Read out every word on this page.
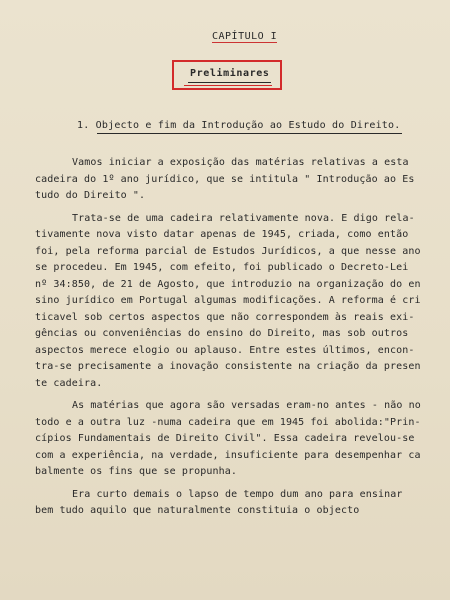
CAPÍTULO I
Preliminares
1. Objecto e fim da Introdução ao Estudo do Direito.
Vamos iniciar a exposição das matérias relativas a esta
cadeira do 1º ano jurídico, que se intitula " Introdução ao Es
tudo do Direito ".
Trata-se de uma cadeira relativamente nova. E digo rela-
tivamente nova visto datar apenas de 1945, criada, como então
foi, pela reforma parcial de Estudos Jurídicos, a que nesse ano
se procedeu. Em 1945, com efeito, foi publicado o Decreto-Lei
nº 34:850, de 21 de Agosto, que introduzio na organização do en
sino jurídico em Portugal algumas modificações. A reforma é cri
ticavel sob certos aspectos que não correspondem às reais exi-
gências ou conveniências do ensino do Direito, mas sob outros
aspectos merece elogio ou aplauso. Entre estes últimos, encon-
tra-se precisamente a inovação consistente na criação da presen
te cadeira.
As matérias que agora são versadas eram-no antes - não no
todo e a outra luz -numa cadeira que em 1945 foi abolida:"Prin-
cípios Fundamentais de Direito Civil". Essa cadeira revelou-se
com a experiência, na verdade, insuficiente para desempenhar ca
balmente os fins que se propunha.
Era curto demais o lapso de tempo dum ano para ensinar
bem tudo aquilo que naturalmente constituia o objecto
